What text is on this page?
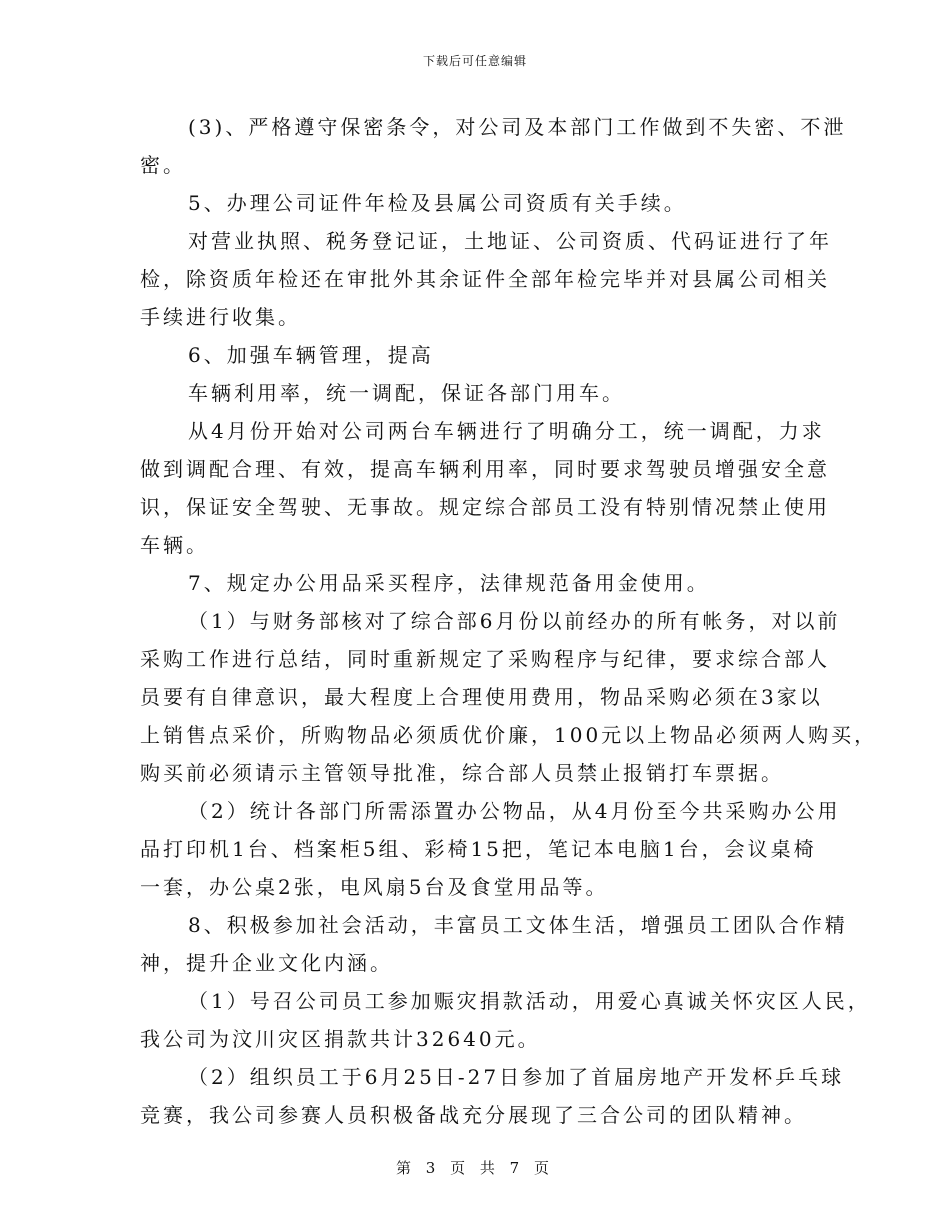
下载后可任意编辑

(3)、严格遵守保密条令，对公司及本部门工作做到不失密、不泄

密。

5、办理公司证件年检及县属公司资质有关手续。

对营业执照、税务登记证，土地证、公司资质、代码证进行了年

检，除资质年检还在审批外其余证件全部年检完毕并对县属公司相关

手续进行收集。

6、加强车辆管理，提高

车辆利用率，统一调配，保证各部门用车。

从4月份开始对公司两台车辆进行了明确分工，统一调配，力求

做到调配合理、有效，提高车辆利用率，同时要求驾驶员增强安全意

识，保证安全驾驶、无事故。规定综合部员工没有特别情况禁止使用

车辆。

7、规定办公用品采买程序，法律规范备用金使用。

（1）与财务部核对了综合部6月份以前经办的所有帐务，对以前

采购工作进行总结，同时重新规定了采购程序与纪律，要求综合部人

员要有自律意识，最大程度上合理使用费用，物品采购必须在3家以

上销售点采价，所购物品必须质优价廉，100元以上物品必须两人购买，

购买前必须请示主管领导批准，综合部人员禁止报销打车票据。

（2）统计各部门所需添置办公物品，从4月份至今共采购办公用

品打印机1台、档案柜5组、彩椅15把，笔记本电脑1台，会议桌椅

一套，办公桌2张，电风扇5台及食堂用品等。

8、积极参加社会活动，丰富员工文体生活，增强员工团队合作精

神，提升企业文化内涵。

（1）号召公司员工参加赈灾捐款活动，用爱心真诚关怀灾区人民，

我公司为汶川灾区捐款共计32640元。

（2）组织员工于6月25日-27日参加了首届房地产开发杯乒乓球

竞赛，我公司参赛人员积极备战充分展现了三合公司的团队精神。

第 3 页 共 7 页
